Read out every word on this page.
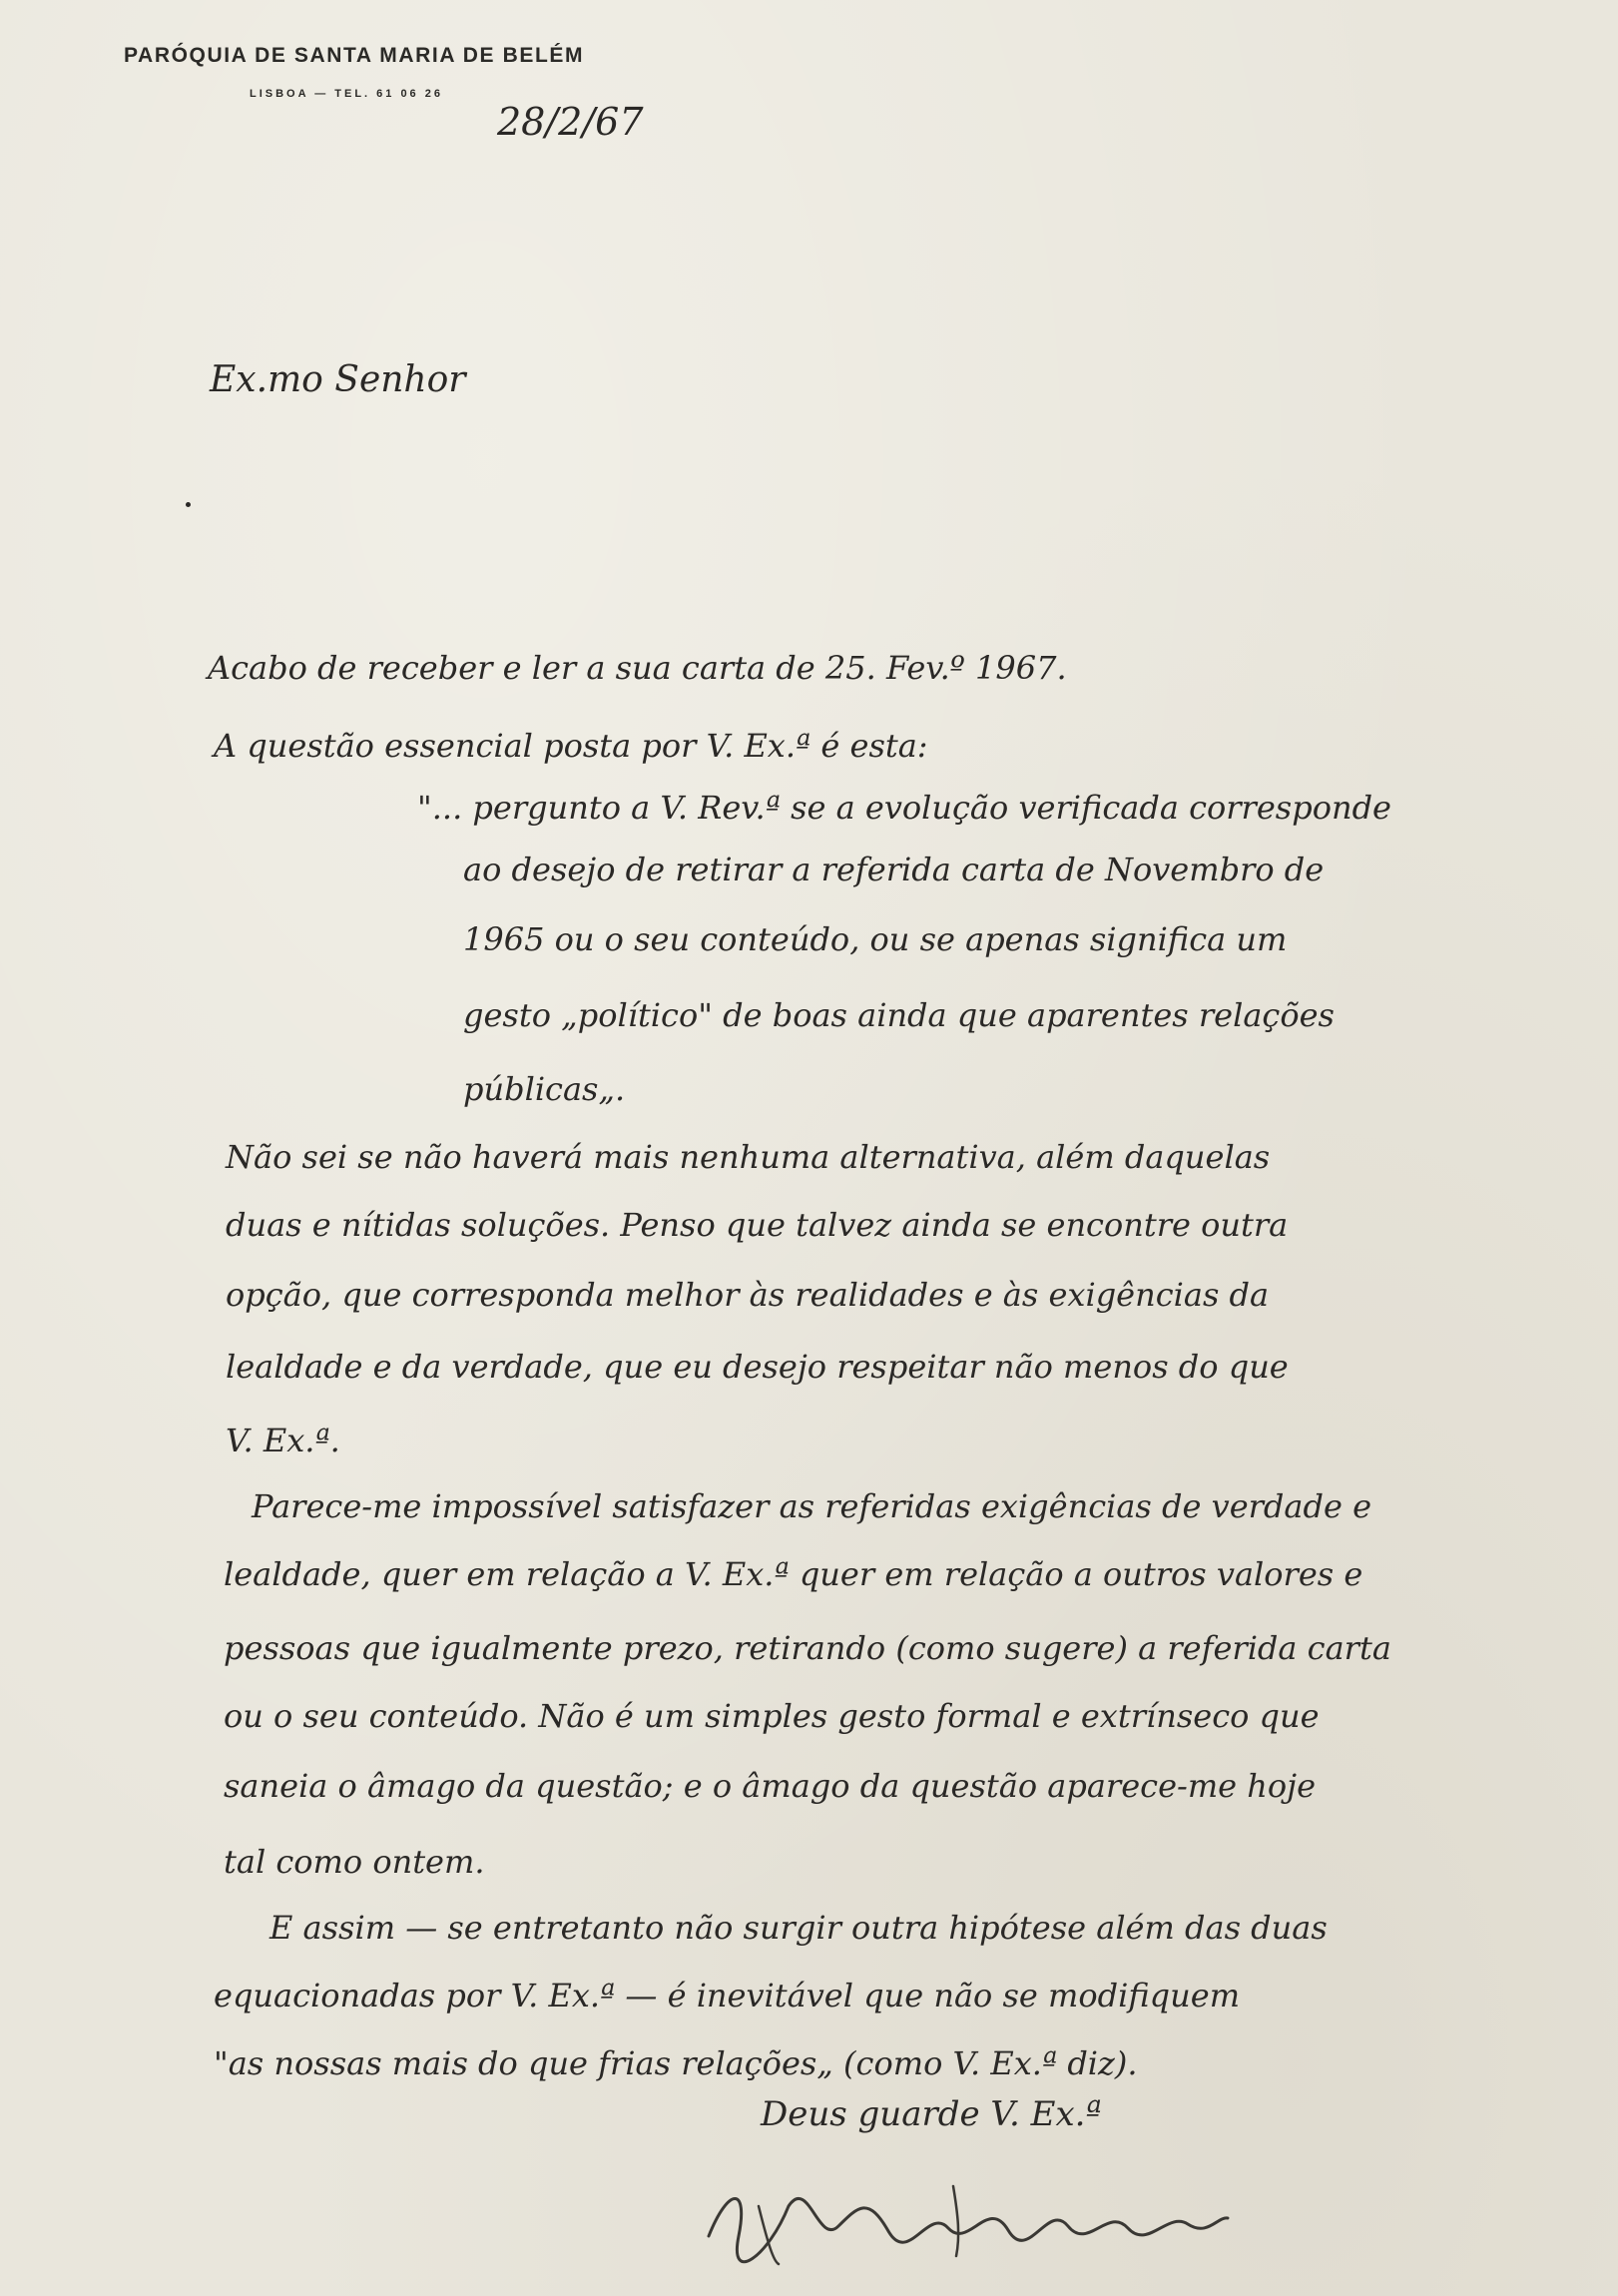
PARÓQUIA DE SANTA MARIA DE BELÉM
LISBOA — TEL. 61 06 26
28/2/67
Ex.mo Senhor
Acabo de receber e ler a sua carta de 25. Fev.º 1967.
A questão essencial posta por V. Ex.ª é esta:
"... pergunto a V. Rev.ª se a evolução verificada corresponde
ao desejo de retirar a referida carta de Novembro de
1965 ou o seu conteúdo, ou se apenas significa um
gesto „político" de boas ainda que aparentes relações
públicas„.
Não sei se não haverá mais nenhuma alternativa, além daquelas
duas e nítidas soluções. Penso que talvez ainda se encontre outra
opção, que corresponda melhor às realidades e às exigências da
lealdade e da verdade, que eu desejo respeitar não menos do que
V. Ex.ª.
Parece-me impossível satisfazer as referidas exigências de verdade e
lealdade, quer em relação a V. Ex.ª quer em relação a outros valores e
pessoas que igualmente prezo, retirando (como sugere) a referida carta
ou o seu conteúdo. Não é um simples gesto formal e extrínseco que
saneia o âmago da questão; e o âmago da questão aparece-me hoje
tal como ontem.
E assim — se entretanto não surgir outra hipótese além das duas
equacionadas por V. Ex.ª — é inevitável que não se modifiquem
"as nossas mais do que frias relações„ (como V. Ex.ª diz).
Deus guarde V. Ex.ª
